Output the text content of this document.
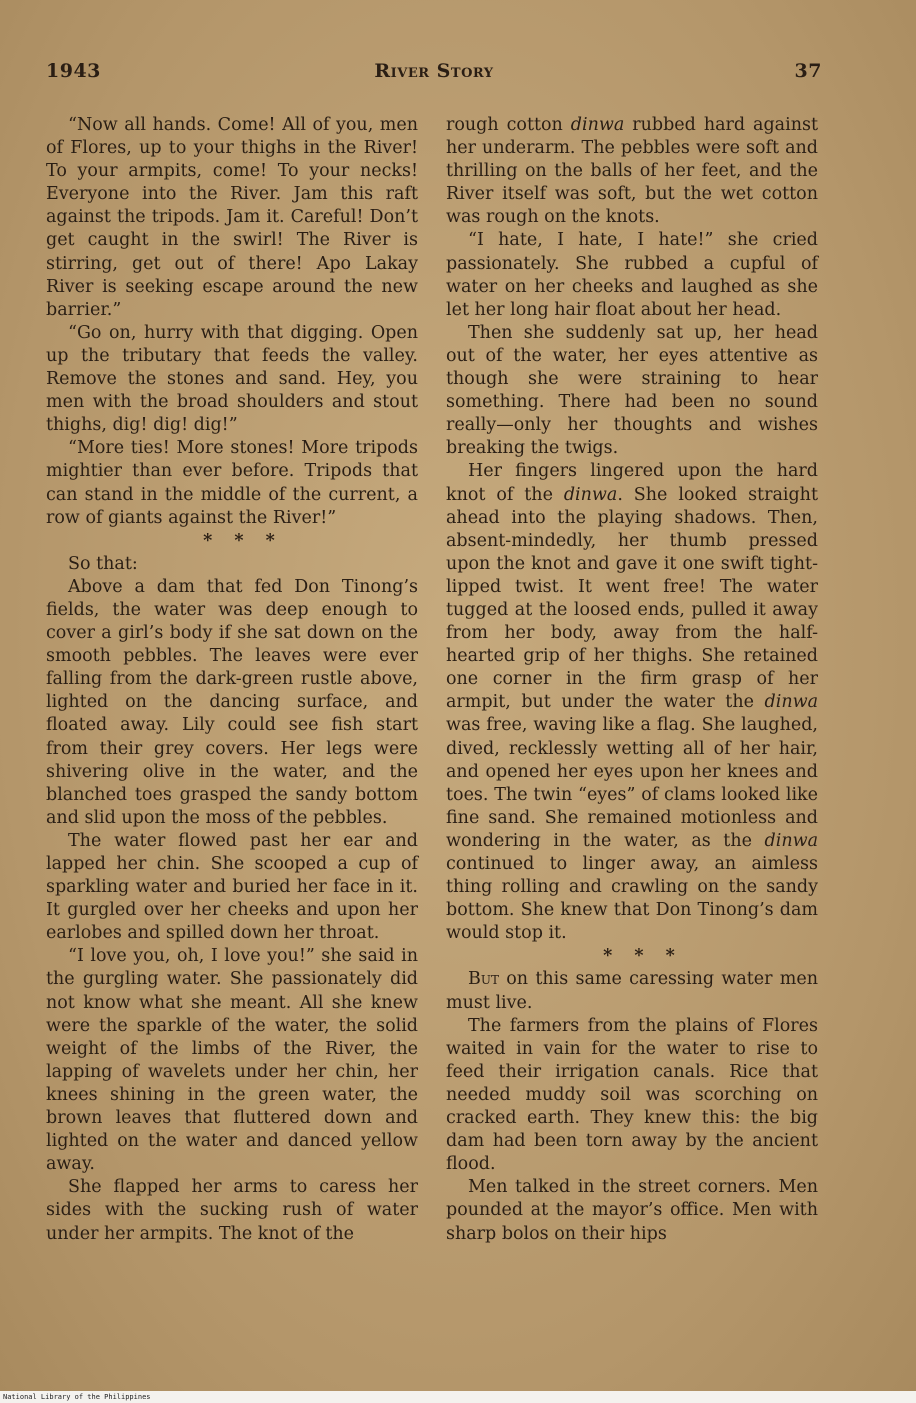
1943	River Story	37

“Now all hands. Come! All of you, men of Flores, up to your thighs in the River! To your armpits, come! To your necks! Everyone into the River. Jam this raft against the tripods. Jam it. Careful! Don’t get caught in the swirl! The River is stirring, get out of there! Apo Lakay River is seeking escape around the new barrier.”

“Go on, hurry with that digging. Open up the tributary that feeds the valley. Remove the stones and sand. Hey, you men with the broad shoulders and stout thighs, dig! dig! dig!”

“More ties! More stones! More tripods mightier than ever before. Tripods that can stand in the middle of the current, a row of giants against the River!”

* * *

So that:

Above a dam that fed Don Tinong’s fields, the water was deep enough to cover a girl’s body if she sat down on the smooth pebbles. The leaves were ever falling from the dark-green rustle above, lighted on the dancing surface, and floated away. Lily could see fish start from their grey covers. Her legs were shivering olive in the water, and the blanched toes grasped the sandy bottom and slid upon the moss of the pebbles.

The water flowed past her ear and lapped her chin. She scooped a cup of sparkling water and buried her face in it. It gurgled over her cheeks and upon her earlobes and spilled down her throat.

“I love you, oh, I love you!” she said in the gurgling water. She passionately did not know what she meant. All she knew were the sparkle of the water, the solid weight of the limbs of the River, the lapping of wavelets under her chin, her knees shining in the green water, the brown leaves that fluttered down and lighted on the water and danced yellow away.

She flapped her arms to caress her sides with the sucking rush of water under her armpits. The knot of the

rough cotton dinwa rubbed hard against her underarm. The pebbles were soft and thrilling on the balls of her feet, and the River itself was soft, but the wet cotton was rough on the knots.

“I hate, I hate, I hate!” she cried passionately. She rubbed a cupful of water on her cheeks and laughed as she let her long hair float about her head.

Then she suddenly sat up, her head out of the water, her eyes attentive as though she were straining to hear something. There had been no sound really—only her thoughts and wishes breaking the twigs.

Her fingers lingered upon the hard knot of the dinwa. She looked straight ahead into the playing shadows. Then, absent-mindedly, her thumb pressed upon the knot and gave it one swift tight-lipped twist. It went free! The water tugged at the loosed ends, pulled it away from her body, away from the half-hearted grip of her thighs. She retained one corner in the firm grasp of her armpit, but under the water the dinwa was free, waving like a flag. She laughed, dived, recklessly wetting all of her hair, and opened her eyes upon her knees and toes. The twin “eyes” of clams looked like fine sand. She remained motionless and wondering in the water, as the dinwa continued to linger away, an aimless thing rolling and crawling on the sandy bottom. She knew that Don Tinong’s dam would stop it.

* * *

But on this same caressing water men must live.

The farmers from the plains of Flores waited in vain for the water to rise to feed their irrigation canals. Rice that needed muddy soil was scorching on cracked earth. They knew this: the big dam had been torn away by the ancient flood.

Men talked in the street corners. Men pounded at the mayor’s office. Men with sharp bolos on their hips

National Library of the Philippines
